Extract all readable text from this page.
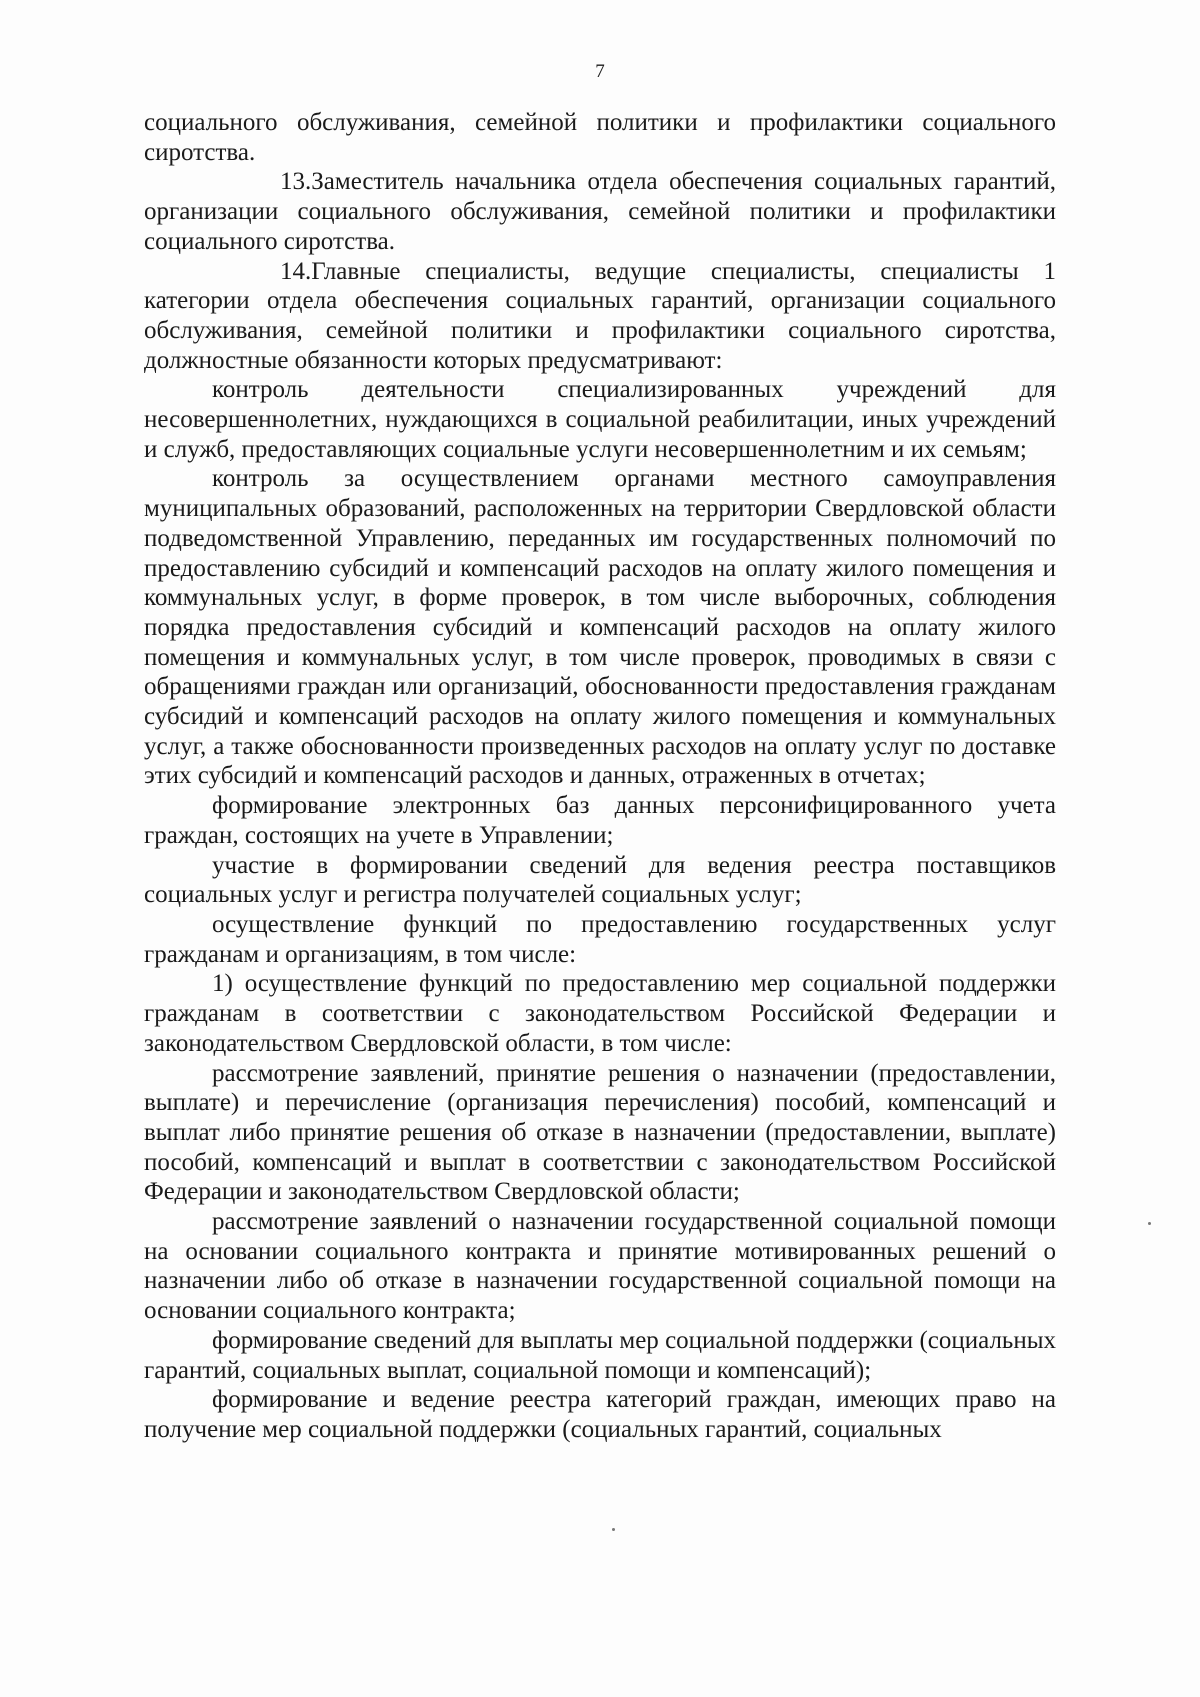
7

социального обслуживания, семейной политики и профилактики социального сиротства.

13.Заместитель начальника отдела обеспечения социальных гарантий, организации социального обслуживания, семейной политики и профилактики социального сиротства.

14.Главные специалисты, ведущие специалисты, специалисты 1 категории отдела обеспечения социальных гарантий, организации социального обслуживания, семейной политики и профилактики социального сиротства, должностные обязанности которых предусматривают:

контроль деятельности специализированных учреждений для несовершеннолетних, нуждающихся в социальной реабилитации, иных учреждений и служб, предоставляющих социальные услуги несовершеннолетним и их семьям;

контроль за осуществлением органами местного самоуправления муниципальных образований, расположенных на территории Свердловской области подведомственной Управлению, переданных им государственных полномочий по предоставлению субсидий и компенсаций расходов на оплату жилого помещения и коммунальных услуг, в форме проверок, в том числе выборочных, соблюдения порядка предоставления субсидий и компенсаций расходов на оплату жилого помещения и коммунальных услуг, в том числе проверок, проводимых в связи с обращениями граждан или организаций, обоснованности предоставления гражданам субсидий и компенсаций расходов на оплату жилого помещения и коммунальных услуг, а также обоснованности произведенных расходов на оплату услуг по доставке этих субсидий и компенсаций расходов и данных, отраженных в отчетах;

формирование электронных баз данных персонифицированного учета граждан, состоящих на учете в Управлении;

участие в формировании сведений для ведения реестра поставщиков социальных услуг и регистра получателей социальных услуг;

осуществление функций по предоставлению государственных услуг гражданам и организациям, в том числе:

1) осуществление функций по предоставлению мер социальной поддержки гражданам в соответствии с законодательством Российской Федерации и законодательством Свердловской области, в том числе:

рассмотрение заявлений, принятие решения о назначении (предоставлении, выплате) и перечисление (организация перечисления) пособий, компенсаций и выплат либо принятие решения об отказе в назначении (предоставлении, выплате) пособий, компенсаций и выплат в соответствии с законодательством Российской Федерации и законодательством Свердловской области;

рассмотрение заявлений о назначении государственной социальной помощи на основании социального контракта и принятие мотивированных решений о назначении либо об отказе в назначении государственной социальной помощи на основании социального контракта;

формирование сведений для выплаты мер социальной поддержки (социальных гарантий, социальных выплат, социальной помощи и компенсаций);

формирование и ведение реестра категорий граждан, имеющих право на получение мер социальной поддержки (социальных гарантий, социальных
